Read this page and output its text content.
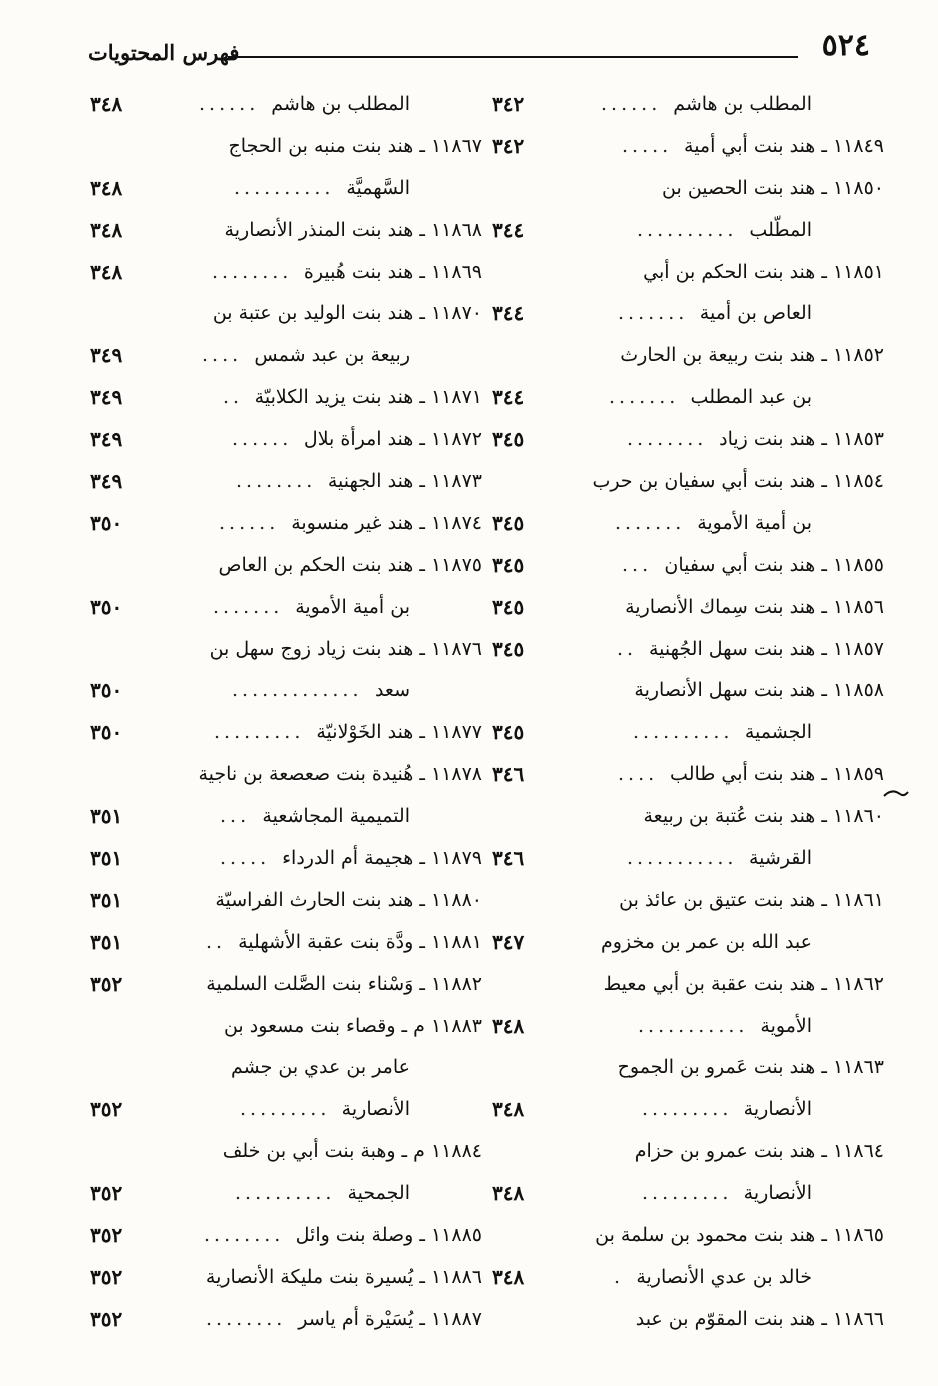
٥٢٤
فهرس المحتويات
المطلب بن هاشم
......
٣٤٢
١١٨٤٩ ـ هند بنت أبي أمية
.....
٣٤٢
١١٨٥٠ ـ هند بنت الحصين بن
المطّلب
..........
٣٤٤
١١٨٥١ ـ هند بنت الحكم بن أبي
العاص بن أمية
.......
٣٤٤
١١٨٥٢ ـ هند بنت ربيعة بن الحارث
بن عبد المطلب
.......
٣٤٤
١١٨٥٣ ـ هند بنت زياد
........
٣٤٥
١١٨٥٤ ـ هند بنت أبي سفيان بن حرب
بن أمية الأموية
.......
٣٤٥
١١٨٥٥ ـ هند بنت أبي سفيان
...
٣٤٥
١١٨٥٦ ـ هند بنت سِماك الأنصارية
٣٤٥
١١٨٥٧ ـ هند بنت سهل الجُهنية
..
٣٤٥
١١٨٥٨ ـ هند بنت سهل الأنصارية
الجشمية
..........
٣٤٥
١١٨٥٩ ـ هند بنت أبي طالب
....
٣٤٦
١١٨٦٠ ـ هند بنت عُتبة بن ربيعة
القرشية
...........
٣٤٦
١١٨٦١ ـ هند بنت عتيق بن عائذ بن
عبد الله بن عمر بن مخزوم
٣٤٧
١١٨٦٢ ـ هند بنت عقبة بن أبي معيط
الأموية
...........
٣٤٨
١١٨٦٣ ـ هند بنت عَمرو بن الجموح
الأنصارية
.........
٣٤٨
١١٨٦٤ ـ هند بنت عمرو بن حزام
الأنصارية
.........
٣٤٨
١١٨٦٥ ـ هند بنت محمود بن سلمة بن
خالد بن عدي الأنصارية
.
٣٤٨
١١٨٦٦ ـ هند بنت المقوّم بن عبد
المطلب بن هاشم
......
٣٤٨
١١٨٦٧ ـ هند بنت منبه بن الحجاج
السَّهميَّة
..........
٣٤٨
١١٨٦٨ ـ هند بنت المنذر الأنصارية
٣٤٨
١١٨٦٩ ـ هند بنت هُبيرة
........
٣٤٨
١١٨٧٠ ـ هند بنت الوليد بن عتبة بن
ربيعة بن عبد شمس
....
٣٤٩
١١٨٧١ ـ هند بنت يزيد الكلابيّة
..
٣٤٩
١١٨٧٢ ـ هند امرأة بلال
......
٣٤٩
١١٨٧٣ ـ هند الجهنية
........
٣٤٩
١١٨٧٤ ـ هند غير منسوبة
......
٣٥٠
١١٨٧٥ ـ هند بنت الحكم بن العاص
بن أمية الأموية
.......
٣٥٠
١١٨٧٦ ـ هند بنت زياد زوج سهل بن
سعد
.............
٣٥٠
١١٨٧٧ ـ هند الخَوْلانيّة
.........
٣٥٠
١١٨٧٨ ـ هُنيدة بنت صعصعة بن ناجية
التميمية المجاشعية
...
٣٥١
١١٨٧٩ ـ هجيمة أم الدرداء
.....
٣٥١
١١٨٨٠ ـ هند بنت الحارث الفراسيّة
٣٥١
١١٨٨١ ـ ودَّة بنت عقبة الأشهلية
..
٣٥١
١١٨٨٢ ـ وَسْناء بنت الصَّلت السلمية
٣٥٢
١١٨٨٣ م ـ وقصاء بنت مسعود بن
عامر بن عدي بن جشم
الأنصارية
.........
٣٥٢
١١٨٨٤ م ـ وهبة بنت أبي بن خلف
الجمحية
..........
٣٥٢
١١٨٨٥ ـ وصلة بنت وائل
........
٣٥٢
١١٨٨٦ ـ يُسيرة بنت مليكة الأنصارية
٣٥٢
١١٨٨٧ ـ يُسَيْرة أم ياسر
........
٣٥٢
